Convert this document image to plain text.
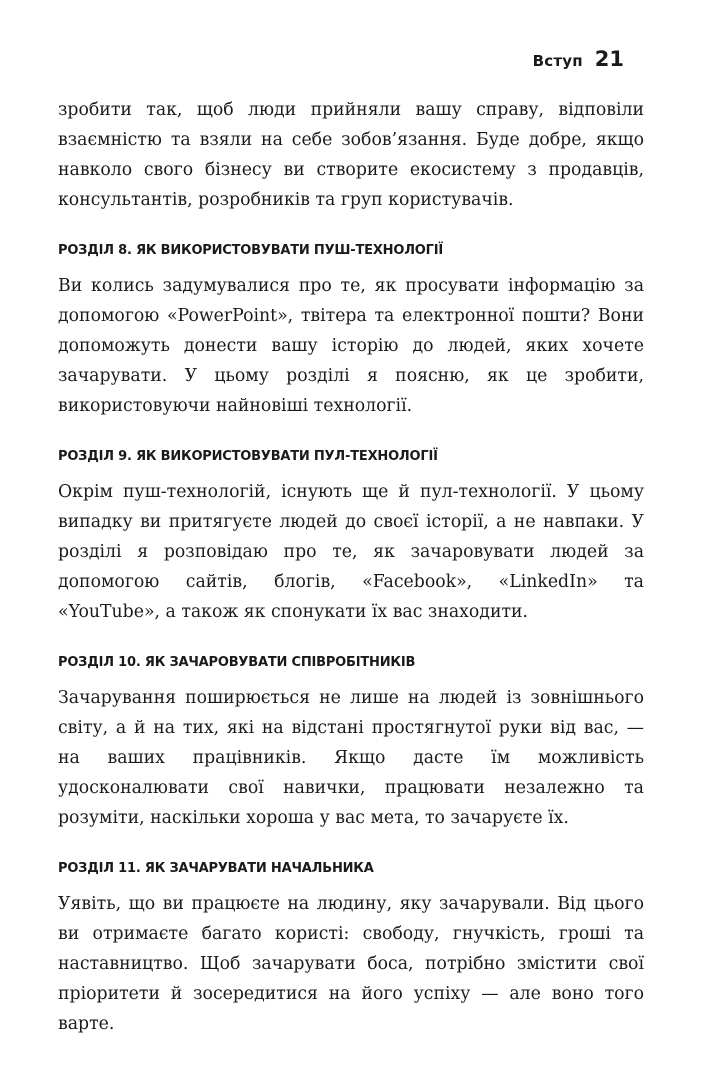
Вступ 21

зробити так, щоб люди прийняли вашу справу, відповіли взаємністю та взяли на себе зобов’язання. Буде добре, якщо навколо свого бізнесу ви створите екосистему з продавців, консультантів, розробників та груп користувачів.

РОЗДІЛ 8. ЯК ВИКОРИСТОВУВАТИ ПУШ-ТЕХНОЛОГІЇ

Ви колись задумувалися про те, як просувати інформацію за допомогою «PowerPoint», твітера та електронної пошти? Вони допоможуть донести вашу історію до людей, яких хочете зачарувати. У цьому розділі я поясню, як це зробити, використовуючи найновіші технології.

РОЗДІЛ 9. ЯК ВИКОРИСТОВУВАТИ ПУЛ-ТЕХНОЛОГІЇ

Окрім пуш-технологій, існують ще й пул-технології. У цьому випадку ви притягуєте людей до своєї історії, а не навпаки. У розділі я розповідаю про те, як зачаровувати людей за допомогою сайтів, блогів, «Facebook», «LinkedIn» та «YouTube», а також як спонукати їх вас знаходити.

РОЗДІЛ 10. ЯК ЗАЧАРОВУВАТИ СПІВРОБІТНИКІВ

Зачарування поширюється не лише на людей із зовнішнього світу, а й на тих, які на відстані простягнутої руки від вас, — на ваших працівників. Якщо дасте їм можливість удосконалювати свої навички, працювати незалежно та розуміти, наскільки хороша у вас мета, то зачаруєте їх.

РОЗДІЛ 11. ЯК ЗАЧАРУВАТИ НАЧАЛЬНИКА

Уявіть, що ви працюєте на людину, яку зачарували. Від цього ви отримаєте багато користі: свободу, гнучкість, гроші та наставництво. Щоб зачарувати боса, потрібно змістити свої пріоритети й зосередитися на його успіху — але воно того варте.
